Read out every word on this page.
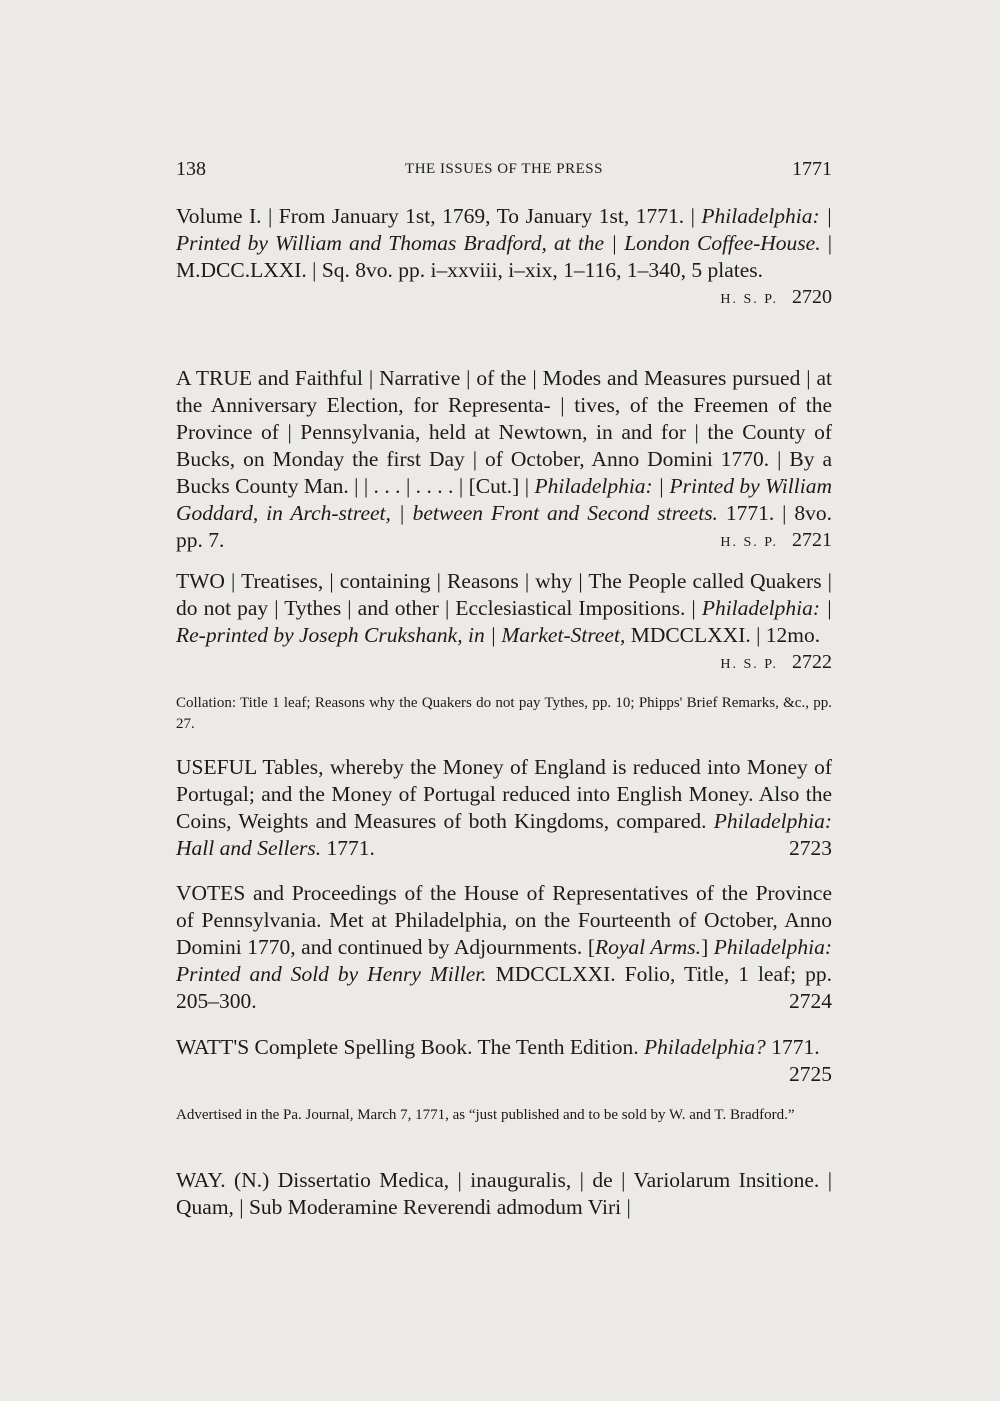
138	THE ISSUES OF THE PRESS	1771
Volume I. | From January 1st, 1769, To January 1st, 1771. | Philadelphia: | Printed by William and Thomas Bradford, at the | London Coffee-House. | M.DCC.LXXI. | Sq. 8vo. pp. i–xxviii, i–xix, 1–116, 1–340, 5 plates.
H. S. P. 2720
A TRUE and Faithful | Narrative | of the | Modes and Measures pursued | at the Anniversary Election, for Representa- | tives, of the Freemen of the Province of | Pennsylvania, held at Newtown, in and for | the County of Bucks, on Monday the first Day | of October, Anno Domini 1770. | By a Bucks County Man. | | . . . | . . . . | [Cut.] | Philadelphia: | Printed by William Goddard, in Arch-street, | between Front and Second streets. 1771. | 8vo. pp. 7.	H. S. P. 2721
TWO | Treatises, | containing | Reasons | why | The People called Quakers | do not pay | Tythes | and other | Ecclesiastical Impositions. | Philadelphia: | Re-printed by Joseph Crukshank, in | Market-Street, MDCCLXXI. | 12mo.
H. S. P. 2722
Collation: Title 1 leaf; Reasons why the Quakers do not pay Tythes, pp. 10; Phipps' Brief Remarks, &c., pp. 27.
USEFUL Tables, whereby the Money of England is reduced into Money of Portugal; and the Money of Portugal reduced into English Money. Also the Coins, Weights and Measures of both Kingdoms, compared. Philadelphia: Hall and Sellers. 1771.	2723
VOTES and Proceedings of the House of Representatives of the Province of Pennsylvania. Met at Philadelphia, on the Fourteenth of October, Anno Domini 1770, and continued by Adjournments. [Royal Arms.] Philadelphia: Printed and Sold by Henry Miller. MDCCLXXI. Folio, Title, 1 leaf; pp. 205–300.	2724
WATT'S Complete Spelling Book. The Tenth Edition. Philadelphia? 1771.
2725
Advertised in the Pa. Journal, March 7, 1771, as “just published and to be sold by W. and T. Bradford.”
WAY. (N.) Dissertatio Medica, | inauguralis, | de | Variolarum Insitione. | Quam, | Sub Moderamine Reverendi admodum Viri |
